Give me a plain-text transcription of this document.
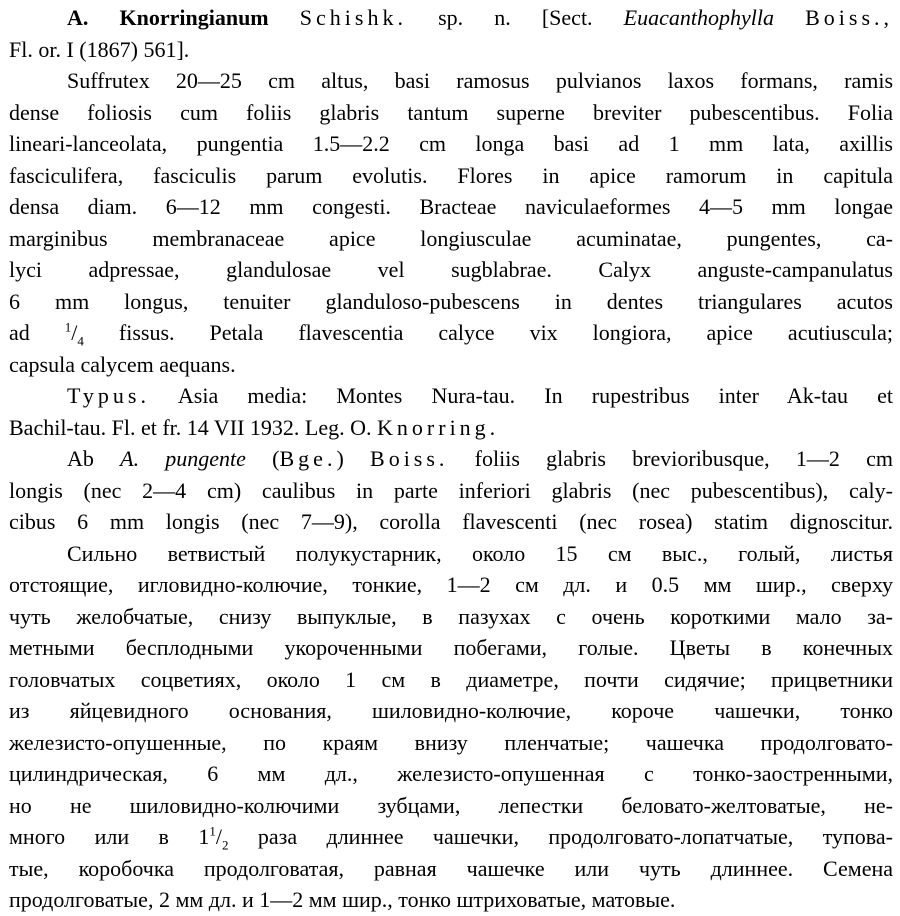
A. Knorringianum Schishk. sp. n. [Sect. Euacanthophylla Boiss.,
Fl. or. I (1867) 561].
Suffrutex 20—25 cm altus, basi ramosus pulvianos laxos formans, ramis
dense foliosis cum foliis glabris tantum superne breviter pubescentibus. Folia
lineari-lanceolata, pungentia 1.5—2.2 cm longa basi ad 1 mm lata, axillis
fasciculifera, fasciculis parum evolutis. Flores in apice ramorum in capitula
densa diam. 6—12 mm congesti. Bracteae naviculaeformes 4—5 mm longae
marginibus membranaceae apice longiusculae acuminatae, pungentes, ca-
lyci adpressae, glandulosae vel sugblabrae. Calyx anguste-campanulatus
6 mm longus, tenuiter glanduloso-pubescens in dentes triangulares acutos
ad $^1/_4$ fissus. Petala flavescentia calyce vix longiora, apice acutiuscula;
capsula calycem aequans.
Typus. Asia media: Montes Nura-tau. In rupestribus inter Ak-tau et
Bachil-tau. Fl. et fr. 14 VII 1932. Leg. O. Knorring.
Ab A. pungente (Bge.) Boiss. foliis glabris brevioribusque, 1—2 cm
longis (nec 2—4 cm) caulibus in parte inferiori glabris (nec pubescentibus), caly-
cibus 6 mm longis (nec 7—9), corolla flavescenti (nec rosea) statim dignoscitur.
Сильно ветвистый полукустарник, около 15 см выс., голый, листья
отстоящие, игловидно-колючие, тонкие, 1—2 см дл. и 0.5 мм шир., сверху
чуть желобчатые, снизу выпуклые, в пазухах с очень короткими мало за-
метными бесплодными укороченными побегами, голые. Цветы в конечных
головчатых соцветиях, около 1 см в диаметре, почти сидячие; прицветники
из яйцевидного основания, шиловидно-колючие, короче чашечки, тонко
железисто-опушенные, по краям внизу пленчатые; чашечка продолговато-
цилиндрическая, 6 мм дл., железисто-опушенная с тонко-заостренными,
но не шиловидно-колючими зубцами, лепестки беловато-желтоватые, не-
много или в $1^1/_2$ раза длиннее чашечки, продолговато-лопатчатые, тупова-
тые, коробочка продолговатая, равная чашечке или чуть длиннее. Семена
продолговатые, 2 мм дл. и 1—2 мм шир., тонко штриховатые, матовые.
